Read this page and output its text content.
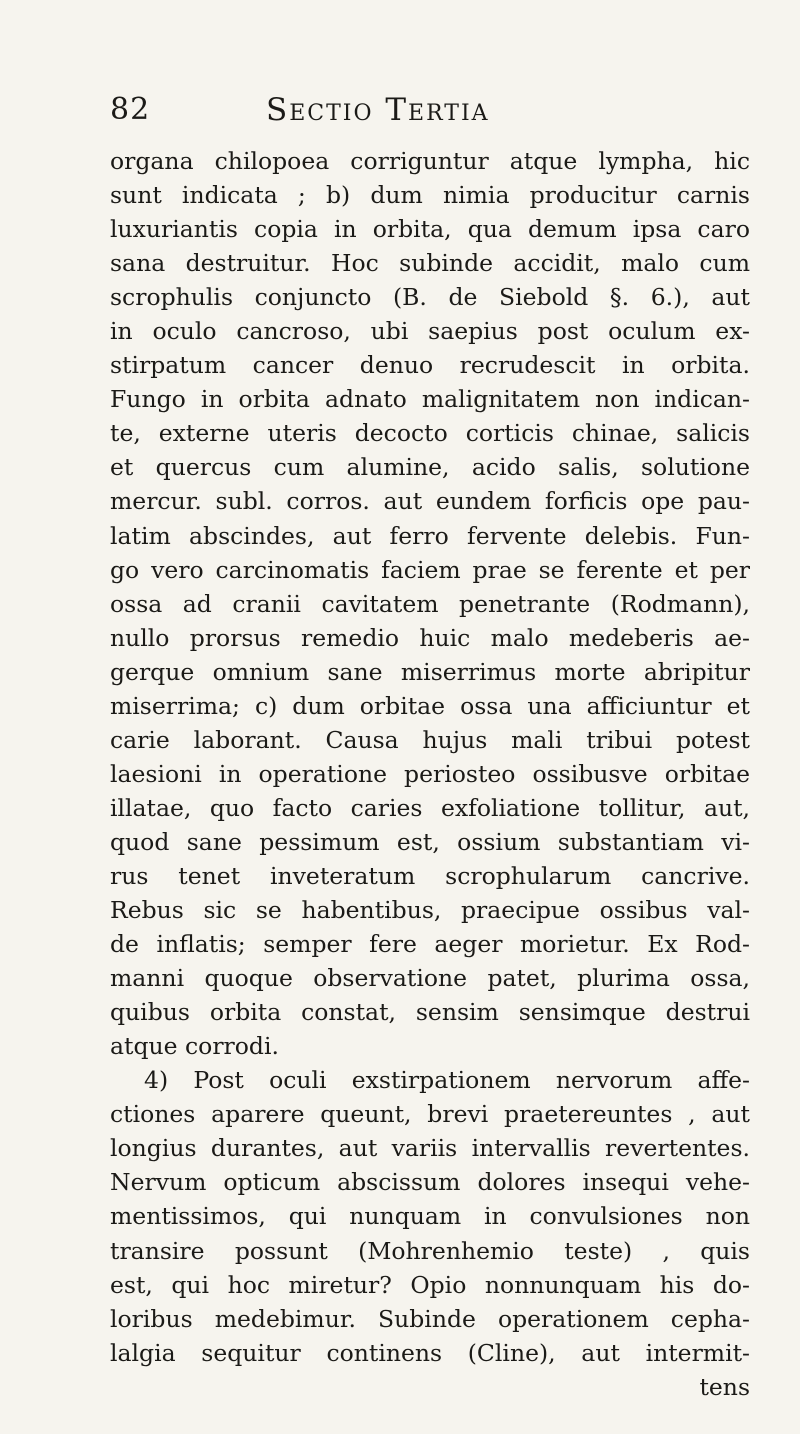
82	Sectio Tertia
organa chilopoea corriguntur atque lympha, hic
sunt indicata ; b) dum nimia producitur carnis
luxuriantis copia in orbita, qua demum ipsa caro
sana destruitur. Hoc subinde accidit, malo cum
scrophulis conjuncto (B. de Siebold §. 6.), aut
in oculo cancroso, ubi saepius post oculum ex-
stirpatum cancer denuo recrudescit in orbita.
Fungo in orbita adnato malignitatem non indican-
te, externe uteris decocto corticis chinae, salicis
et quercus cum alumine, acido salis, solutione
mercur. subl. corros. aut eundem forficis ope pau-
latim abscindes, aut ferro fervente delebis. Fun-
go vero carcinomatis faciem prae se ferente et per
ossa ad cranii cavitatem penetrante (Rodmann),
nullo prorsus remedio huic malo medeberis ae-
gerque omnium sane miserrimus morte abripitur
miserrima; c) dum orbitae ossa una afficiuntur et
carie laborant. Causa hujus mali tribui potest
laesioni in operatione periosteo ossibusve orbitae
illatae, quo facto caries exfoliatione tollitur, aut,
quod sane pessimum est, ossium substantiam vi-
rus tenet inveteratum scrophularum cancrive.
Rebus sic se habentibus, praecipue ossibus val-
de inflatis; semper fere aeger morietur. Ex Rod-
manni quoque observatione patet, plurima ossa,
quibus orbita constat, sensim sensimque destrui
atque corrodi.
4) Post oculi exstirpationem nervorum affe-
ctiones aparere queunt, brevi praetereuntes , aut
longius durantes, aut variis intervallis revertentes.
Nervum opticum abscissum dolores insequi vehe-
mentissimos, qui nunquam in convulsiones non
transire possunt (Mohrenhemio teste) , quis
est, qui hoc miretur? Opio nonnunquam his do-
loribus medebimur. Subinde operationem cepha-
lalgia sequitur continens (Cline), aut intermit-
tens
